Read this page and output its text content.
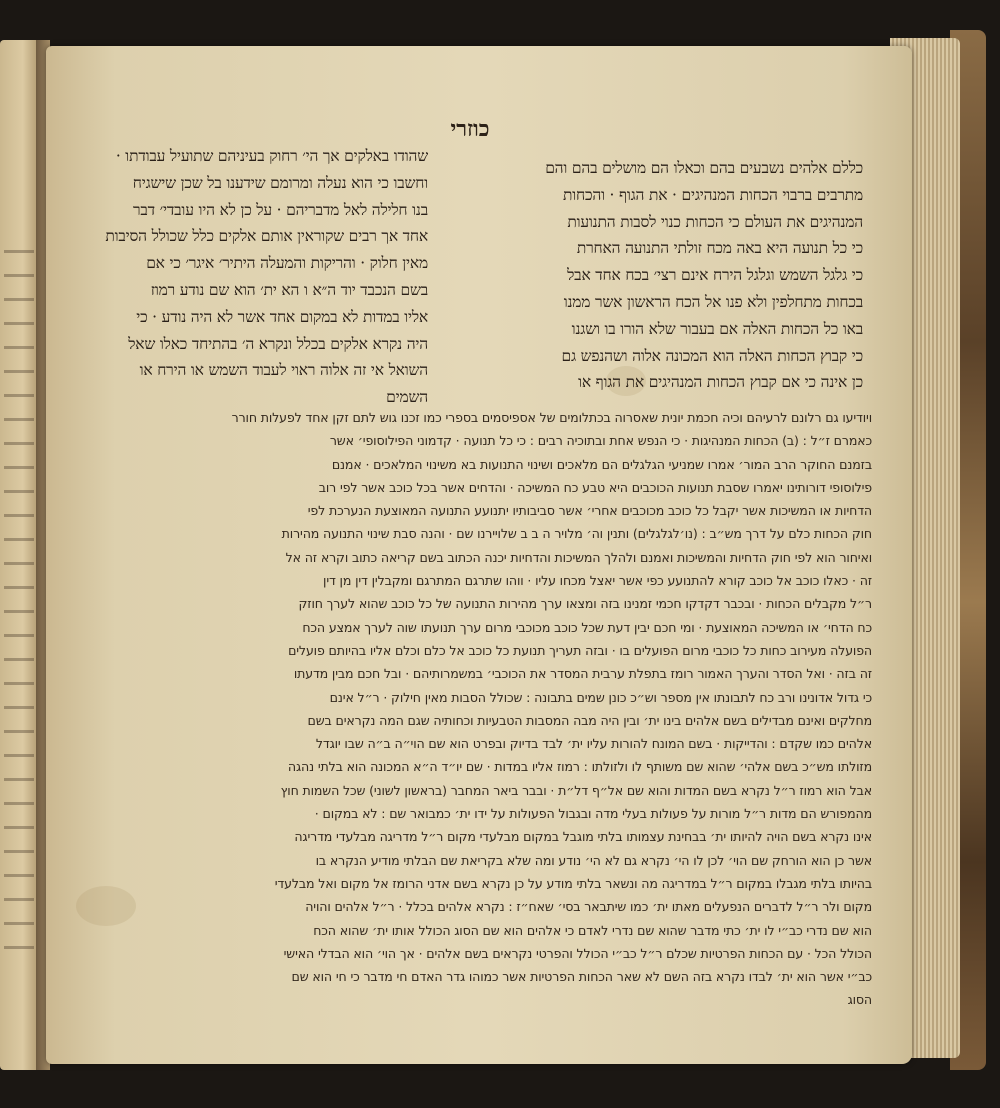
כוזרי
כללם אלהים נשבעים בהם וכאלו הם מושלים בהם והם
מתרבים ברבוי הכחות המנהיגים · את הגוף · והכחות
המנהיגים את העולם כי הכחות כנוי לסבות התנועות
כי כל תנועה היא באה מכח זולתי התנועה האחרת
כי גלגל השמש וגלגל הירח אינם רצי׳ בכח אחד אבל
בכחות מתחלפין ולא פנו אל הכח הראשון אשר ממנו
באו כל הכחות האלה אם בעבור שלא הורו בו ושגנו
כי קבוץ הכחות האלה הוא המכונה אלוה ושהנפש גם
כן אינה כי אם קבוץ הכחות המנהיגים את הגוף או
שהודו באלקים אך הי׳ רחוק בעיניהם שתועיל עבודתו ·
וחשבו כי הוא נעלה ומרומם שידענו בל שכן שישגיח
בנו חלילה לאל מדבריהם · על כן לא היו עובדי׳ דבר
אחד אך רבים שקוראין אותם אלקים כלל שכולל הסיבות
מאין חלוק · והריקות והמעלה היתיר׳ איגר׳ כי אם
בשם הנכבד יוד ה״א ו הא ית׳ הוא שם נודע רמוז
אליו במדות לא במקום אחד אשר לא היה נודע · כי
היה נקרא אלקים בכלל ונקרא ה׳ בהתיחד כאלו שאל
השואל אי זה אלוה ראוי לעבוד השמש או הירח או
השמים
ויודיעו גם רלונם לרעיהם וכיה חכמת יונית שאסרוה בכתלומים של אספיסמים בספרי כמו זכנו גוש לתם זקן אחד לפעלות חורר
כאמרם ז״ל : (ב) הכחות המנהיגות · כי הנפש אחת ובתוכיה רבים : כי כל תנועה · קדמוני הפילוסופי׳ אשר
בזמנם החוקר הרב המור׳ אמרו שמניעי הגלגלים הם מלאכים ושינוי התנועות בא משינוי המלאכים · אמנם
פילוסופי דורותינו יאמרו שסבת תנועות הכוכבים היא טבע כח המשיכה · והדחים אשר בכל כוכב אשר לפי רוב
הדחיות או המשיכות אשר יקבל כל כוכב מכוכבים אחרי׳ אשר סביבותיו יתנועע התנועה המאוצעת הנערכת לפי
חוק הכחות כלם על דרך מש״ב : (נו׳לגלגלים) ותנין וה׳ מלויר ה ב ב שלויירנו שם · והנה סבת שינוי התנועה מהירות
ואיחור הוא לפי חוק הדחיות והמשיכות ואמנם ולהלך המשיכות והדחיות יכנה הכתוב בשם קריאה כתוב וקרא זה אל
זה · כאלו כוכב אל כוכב קורא להתנועע כפי אשר יאצל מכחו עליו · ווהו שתרגם המתרגם ומקבלין דין מן דין
ר״ל מקבלים הכחות · ובכבר דקדקו חכמי זמנינו בזה ומצאו ערך מהירות התנועה של כל כוכב שהוא לערך חוזק
כח הדחי׳ או המשיכה המאוצעת · ומי חכם יבין דעת שכל כוכב מכוכבי מרום ערך תנועתו שוה לערך אמצע הכח
הפועלה מעירוב כחות כל כוכבי מרום הפועלים בו · ובזה תעריך תנועת כל כוכב אל כלם וכלם אליו בהיותם פועלים
זה בזה · ואל הסדר והערך האמור רומז בתפלת ערבית המסדר את הכוכבי׳ במשמרותיהם · ובל חכם מבין מדעתו
כי גדול אדונינו ורב כח לתבונתו אין מספר וש״כ כונן שמים בתבונה : שכולל הסבות מאין חילוק · ר״ל אינם
מחלקים ואינם מבדילים בשם אלהים בינו ית׳ ובין היה מבה המסבות הטבעיות וכחותיה שגם המה נקראים בשם
אלהים כמו שקדם : והדייקות · בשם המונח להורות עליו ית׳ לבד בדיוק ובפרט הוא שם הוי״ה ב״ה שבו יוגדל
מזולתו מש״כ בשם אלהי׳ שהוא שם משותף לו ולזולתו : רמוז אליו במדות · שם יו״ד ה״א המכונה הוא בלתי נהגה
אבל הוא רמוז ר״ל נקרא בשם המדות והוא שם אל״ף דל״ת · ובבר ביאר המחבר (בראשון לשוני) שכל השמות חוץ
מהמפורש הם מדות ר״ל מורות על פעולות בעלי מדה ובגבול הפעולות על ידו ית׳ כמבואר שם : לא במקום ·
אינו נקרא בשם הויה להיותו ית׳ בבחינת עצמותו בלתי מוגבל במקום מבלעדי מקום ר״ל מדריגה מבלעדי מדריגה
אשר כן הוא הורחק שם הוי׳ לכן לו הי׳ נקרא גם לא הי׳ נודע ומה שלא בקריאת שם הבלתי מודיע הנקרא בו
בהיותו בלתי מגבלו במקום ר״ל במדריגה מה ונשאר בלתי מודע על כן נקרא בשם אדני הרומז אל מקום ואל מבלעדי
מקום ולר ר״ל לדברים הנפעלים מאתו ית׳ כמו שיתבאר בסי׳ שאח״ז : נקרא אלהים בכלל · ר״ל אלהים והויה
הוא שם נדרי כב״י לו ית׳ כתי מדבר שהוא שם נדרי לאדם כי אלהים הוא שם הסוג הכולל אותו ית׳ שהוא הכח
הכולל הכל · עם הכחות הפרטיות שכלם ר״ל כב״י הכולל והפרטי נקראים בשם אלהים · אך הוי׳ הוא הבדלי האישי
כב״י אשר הוא ית׳ לבדו נקרא בזה השם לא שאר הכחות הפרטיות אשר כמוהו גדר האדם חי מדבר כי חי הוא שם
הסוג
